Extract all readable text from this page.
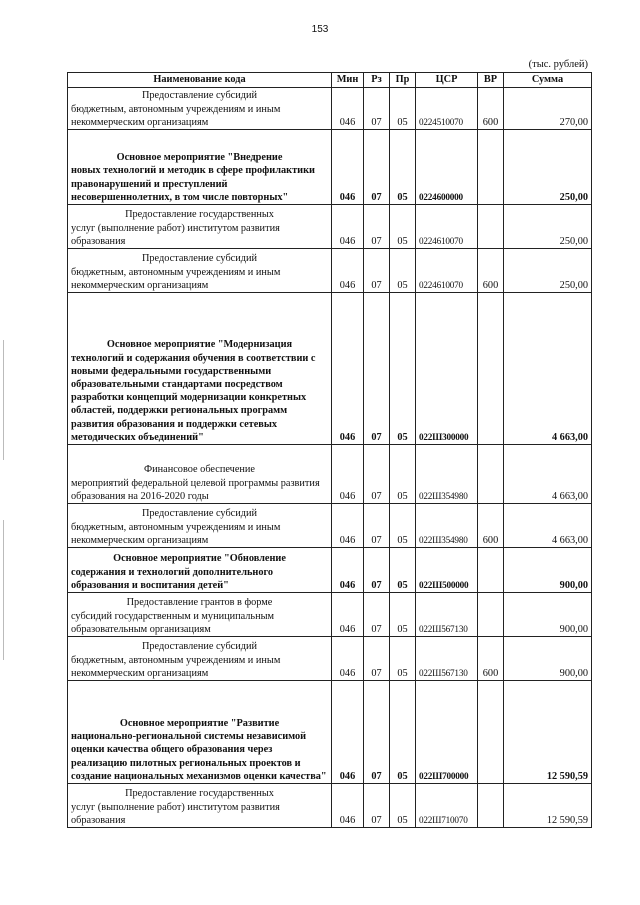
153
(тыс. рублей)
Наименование кода	Мин	Рз	Пр	ЦСР	ВР	Сумма

Предоставление субсидий
бюджетным, автономным учреждениям и иным некоммерческим организациям	046	07	05	0224510070	600	270,00

Основное мероприятие "Внедрение
новых технологий и методик в сфере профилактики правонарушений и преступлений несовершеннолетних, в том числе повторных"	046	07	05	0224600000		250,00

Предоставление государственных
услуг (выполнение работ) институтом развития образования	046	07	05	0224610070		250,00

Предоставление субсидий
бюджетным, автономным учреждениям и иным некоммерческим организациям	046	07	05	0224610070	600	250,00

Основное мероприятие "Модернизация
технологий и содержания обучения в соответствии с новыми федеральными государственными образовательными стандартами посредством разработки концепций модернизации конкретных областей, поддержки региональных программ развития образования и поддержки сетевых методических объединений"	046	07	05	022Ш300000		4 663,00

Финансовое обеспечение
мероприятий федеральной целевой программы развития образования на 2016-2020 годы	046	07	05	022Ш354980		4 663,00

Предоставление субсидий
бюджетным, автономным учреждениям и иным некоммерческим организациям	046	07	05	022Ш354980	600	4 663,00

Основное мероприятие "Обновление
содержания и технологий дополнительного образования и воспитания детей"	046	07	05	022Ш500000		900,00

Предоставление грантов в форме
субсидий государственным и муниципальным образовательным организациям	046	07	05	022Ш567130		900,00

Предоставление субсидий
бюджетным, автономным учреждениям и иным некоммерческим организациям	046	07	05	022Ш567130	600	900,00

Основное мероприятие "Развитие
национально-региональной системы независимой оценки качества общего образования через реализацию пилотных региональных проектов и создание национальных механизмов оценки качества"	046	07	05	022Ш700000		12 590,59

Предоставление государственных
услуг (выполнение работ) институтом развития образования	046	07	05	022Ш710070		12 590,59
